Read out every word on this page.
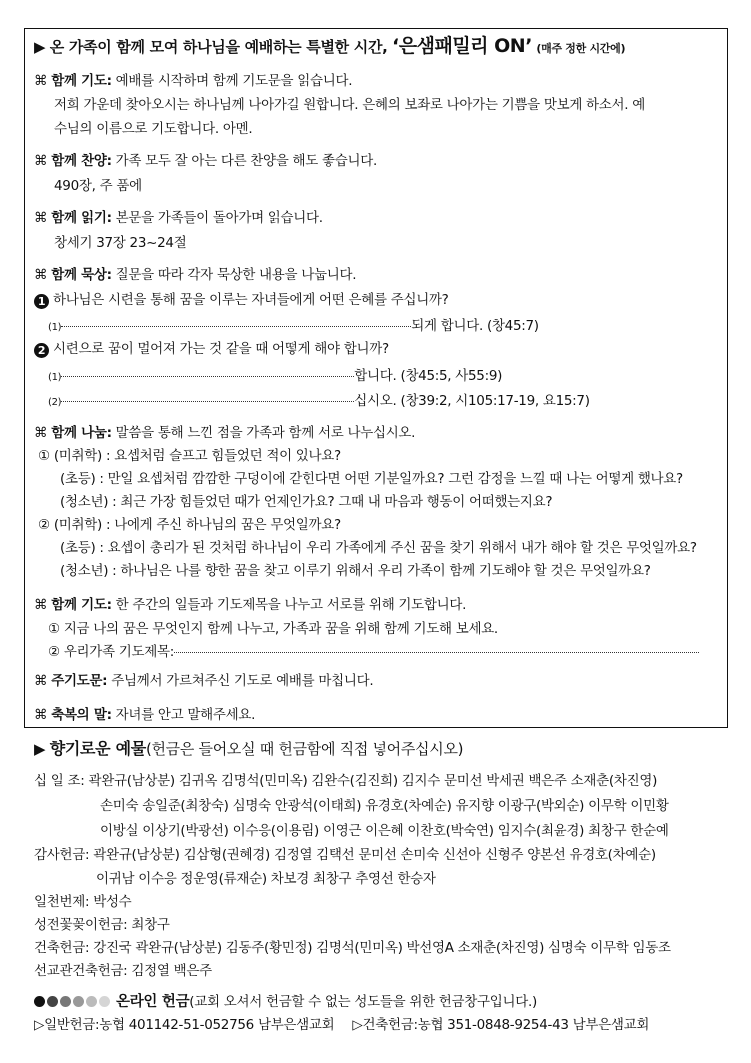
▶ 온 가족이 함께 모여 하나님을 예배하는 특별한 시간, ‘은샘패밀리 ON’ (매주 정한 시간에)
⌘ 함께 기도: 예배를 시작하며 함께 기도문을 읽습니다.
저희 가운데 찾아오시는 하나님께 나아가길 원합니다. 은혜의 보좌로 나아가는 기쁨을 맛보게 하소서. 예
수님의 이름으로 기도합니다. 아멘.
⌘ 함께 찬양: 가족 모두 잘 아는 다른 찬양을 해도 좋습니다.
490장, 주 품에
⌘ 함께 읽기: 본문을 가족들이 돌아가며 읽습니다.
창세기 37장 23~24절
⌘ 함께 묵상: 질문을 따라 각자 묵상한 내용을 나눕니다.
1 하나님은 시련을 통해 꿈을 이루는 자녀들에게 어떤 은혜를 주십니까?
(1)	되게 합니다. (창45:7)
2 시련으로 꿈이 멀어져 가는 것 같을 때 어떻게 해야 합니까?
(1)	합니다. (창45:5, 사55:9)
(2)	십시오. (창39:2, 시105:17-19, 요15:7)
⌘ 함께 나눔: 말씀을 통해 느낀 점을 가족과 함께 서로 나누십시오.
① (미취학) : 요셉처럼 슬프고 힘들었던 적이 있나요?
(초등) : 만일 요셉처럼 깜깜한 구덩이에 갇힌다면 어떤 기분일까요? 그런 감정을 느낄 때 나는 어떻게 했나요?
(청소년) : 최근 가장 힘들었던 때가 언제인가요? 그때 내 마음과 행동이 어떠했는지요?
② (미취학) : 나에게 주신 하나님의 꿈은 무엇일까요?
(초등) : 요셉이 총리가 된 것처럼 하나님이 우리 가족에게 주신 꿈을 찾기 위해서 내가 해야 할 것은 무엇일까요?
(청소년) : 하나님은 나를 향한 꿈을 찾고 이루기 위해서 우리 가족이 함께 기도해야 할 것은 무엇일까요?
⌘ 함께 기도: 한 주간의 일들과 기도제목을 나누고 서로를 위해 기도합니다.
① 지금 나의 꿈은 무엇인지 함께 나누고, 가족과 꿈을 위해 함께 기도해 보세요.
② 우리가족 기도제목:
⌘ 주기도문: 주님께서 가르쳐주신 기도로 예배를 마칩니다.
⌘ 축복의 말: 자녀를 안고 말해주세요.
▶ 향기로운 예물(헌금은 들어오실 때 헌금함에 직접 넣어주십시오)
십 일 조: 곽완규(남상분) 김귀옥 김명석(민미옥) 김완수(김진희) 김지수 문미선 박세권 백은주 소재춘(차진영)
손미숙 송일준(최창숙) 심명숙 안광석(이태희) 유경호(차예순) 유지향 이광구(박외순) 이무학 이민황
이방실 이상기(박광선) 이수응(이용림) 이영근 이은혜 이찬호(박숙연) 임지수(최윤경) 최창구 한순예
감사헌금: 곽완규(남상분) 김삼형(권혜경) 김정열 김택선 문미선 손미숙 신선아 신형주 양본선 유경호(차예순)
이귀남 이수응 정운영(류재순) 차보경 최창구 추영선 한승자
일천번제: 박성수
성전꽃꽂이헌금: 최창구
건축헌금: 강진국 곽완규(남상분) 김동주(황민정) 김명석(민미옥) 박선영A 소재춘(차진영) 심명숙 이무학 임동조
선교관건축헌금: 김정열 백은주
온라인 헌금(교회 오셔서 헌금할 수 없는 성도들을 위한 헌금창구입니다.)
▷일반헌금:농협 401142-51-052756 남부은샘교회 ▷건축헌금:농협 351-0848-9254-43 남부은샘교회
